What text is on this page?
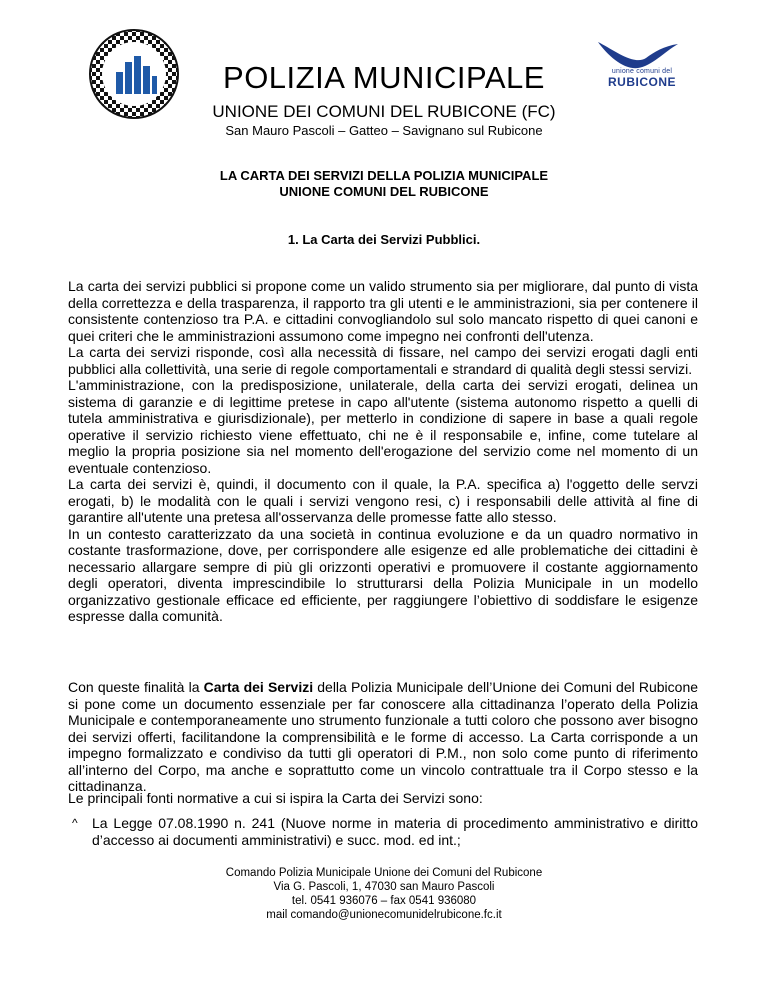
unione comuni del
RUBICONE
POLIZIA MUNICIPALE
UNIONE DEI COMUNI DEL RUBICONE (FC)
San Mauro Pascoli – Gatteo – Savignano sul Rubicone
LA CARTA DEI SERVIZI DELLA POLIZIA MUNICIPALE
UNIONE COMUNI DEL RUBICONE
1. La Carta dei Servizi Pubblici.

La carta dei servizi pubblici si propone come un valido strumento sia per migliorare, dal punto di vista della correttezza e della trasparenza, il rapporto tra gli utenti e le amministrazioni, sia per contenere il consistente contenzioso tra P.A. e cittadini convogliandolo sul solo mancato rispetto di quei canoni e quei criteri che le amministrazioni assumono come impegno nei confronti dell'utenza.

La carta dei servizi risponde, così alla necessità di fissare, nel campo dei servizi erogati dagli enti pubblici alla collettività, una serie di regole comportamentali e strandard di qualità degli stessi servizi.

L'amministrazione, con la predisposizione, unilaterale, della carta dei servizi erogati, delinea un sistema di garanzie e di legittime pretese in capo all'utente (sistema autonomo rispetto a quelli di tutela amministrativa e giurisdizionale), per metterlo in condizione di sapere in base a quali regole operative il servizio richiesto viene effettuato, chi ne è il responsabile e, infine, come tutelare al meglio la propria posizione sia nel momento dell'erogazione del servizio come nel momento di un eventuale contenzioso.

La carta dei servizi è, quindi, il documento con il quale, la P.A. specifica a) l'oggetto delle servzi erogati, b) le modalità con le quali i servizi vengono resi, c) i responsabili delle attività al fine di garantire all'utente una pretesa all'osservanza delle promesse fatte allo stesso.

In un contesto caratterizzato da una società in continua evoluzione e da un quadro normativo in costante trasformazione, dove, per corrispondere alle esigenze ed alle problematiche dei cittadini è necessario allargare sempre di più gli orizzonti operativi e promuovere il costante aggiornamento degli operatori, diventa imprescindibile lo strutturarsi della Polizia Municipale in un modello organizzativo gestionale efficace ed efficiente, per raggiungere l’obiettivo di soddisfare le esigenze espresse dalla comunità.

Con queste finalità la Carta dei Servizi della Polizia Municipale dell’Unione dei Comuni del Rubicone si pone come un documento essenziale per far conoscere alla cittadinanza l’operato della Polizia Municipale e contemporaneamente uno strumento funzionale a tutti coloro che possono aver bisogno dei servizi offerti, facilitandone la comprensibilità e le forme di accesso. La Carta corrisponde a un impegno formalizzato e condiviso da tutti gli operatori di P.M., non solo come punto di riferimento all’interno del Corpo, ma anche e soprattutto come un vincolo contrattuale tra il Corpo stesso e la cittadinanza.
Le principali fonti normative a cui si ispira la Carta dei Servizi sono:
^ La Legge 07.08.1990 n. 241 (Nuove norme in materia di procedimento amministrativo e diritto d’accesso ai documenti amministrativi) e succ. mod. ed int.;
Comando Polizia Municipale Unione dei Comuni del Rubicone
Via G. Pascoli, 1, 47030 san Mauro Pascoli
tel. 0541 936076 – fax 0541 936080
mail comando@unionecomunidelrubicone.fc.it
